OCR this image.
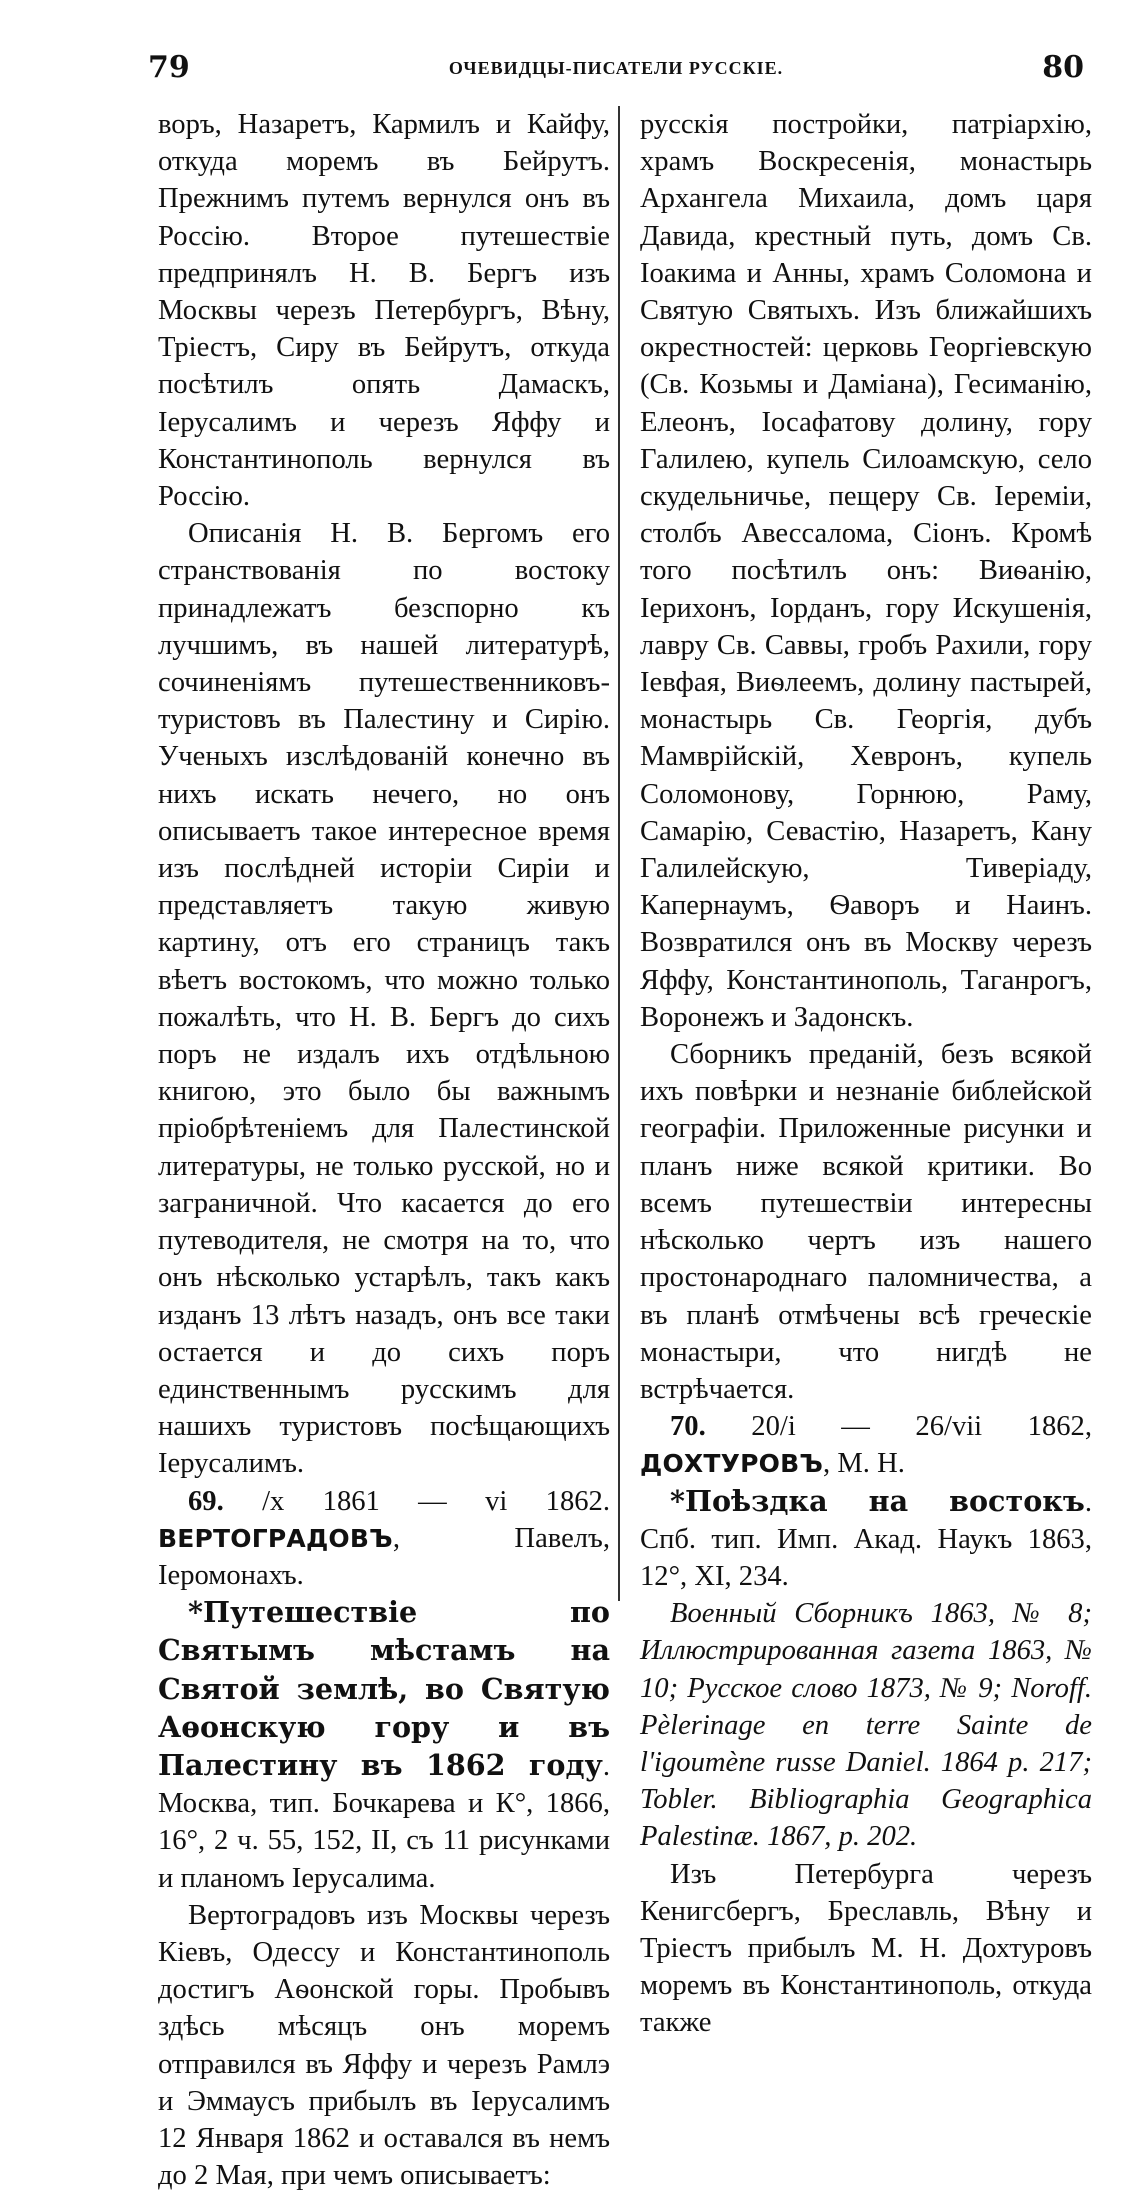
79	ОЧЕВИДЦЫ-ПИСАТЕЛИ РУССКІЕ.	80

воръ, Назаретъ, Кармилъ и Кайфу, откуда моремъ въ Бейрутъ. Прежнимъ путемъ вернулся онъ въ Россію. Второе путешествіе предпринялъ Н. В. Бергъ изъ Москвы черезъ Петербургъ, Вѣну, Тріестъ, Сиру въ Бейрутъ, откуда посѣтилъ опять Дамаскъ, Іерусалимъ и черезъ Яффу и Константинополь вернулся въ Россію.

Описанія Н. В. Бергомъ его странствованія по востоку принадлежатъ безспорно къ лучшимъ, въ нашей литературѣ, сочиненіямъ путешественниковъ-туристовъ въ Палестину и Сирію. Ученыхъ изслѣдованій конечно въ нихъ искать нечего, но онъ описываетъ такое интересное время изъ послѣдней исторіи Сиріи и представляетъ такую живую картину, отъ его страницъ такъ вѣетъ востокомъ, что можно только пожалѣть, что Н. В. Бергъ до сихъ поръ не издалъ ихъ отдѣльною книгою, это было бы важнымъ пріобрѣтеніемъ для Палестинской литературы, не только русской, но и заграничной. Что касается до его путеводителя, не смотря на то, что онъ нѣсколько устарѣлъ, такъ какъ изданъ 13 лѣтъ назадъ, онъ все таки остается и до сихъ поръ единственнымъ русскимъ для нашихъ туристовъ посѣщающихъ Іерусалимъ.

69. /x 1861 — vi 1862. ВЕРТОГРАДОВЪ, Павелъ, Іеромонахъ.

*Путешествіе по Святымъ мѣстамъ на Святой землѣ, во Святую Аѳонскую гору и въ Палестину въ 1862 году. Москва, тип. Бочкарева и К°, 1866, 16°, 2 ч. 55, 152, II, съ 11 рисунками и планомъ Іерусалима.

Вертоградовъ изъ Москвы черезъ Кіевъ, Одессу и Константинополь достигъ Аѳонской горы. Пробывъ здѣсь мѣсяцъ онъ моремъ отправился въ Яффу и черезъ Рамлэ и Эммаусъ прибылъ въ Іерусалимъ 12 Января 1862 и оставался въ немъ до 2 Мая, при чемъ описываетъ:

русскія постройки, патріархію, храмъ Воскресенія, монастырь Архангела Михаила, домъ царя Давида, крестный путь, домъ Св. Іоакима и Анны, храмъ Соломона и Святую Святыхъ. Изъ ближайшихъ окрестностей: церковь Георгіевскую (Св. Козьмы и Даміана), Гесиманію, Елеонъ, Іосафатову долину, гору Галилею, купель Силоамскую, село скудельничье, пещеру Св. Іереміи, столбъ Авессалома, Сіонъ. Кромѣ того посѣтилъ онъ: Виѳанію, Іерихонъ, Іорданъ, гору Искушенія, лавру Св. Саввы, гробъ Рахили, гору Іевфая, Виѳлеемъ, долину пастырей, монастырь Св. Георгія, дубъ Мамврійскій, Хевронъ, купель Соломонову, Горнюю, Раму, Самарію, Севастію, Назаретъ, Кану Галилейскую, Тиверіаду, Капернаумъ, Ѳаворъ и Наинъ. Возвратился онъ въ Москву черезъ Яффу, Константинополь, Таганрогъ, Воронежъ и Задонскъ.

Сборникъ преданій, безъ всякой ихъ повѣрки и незнаніе библейской географіи. Приложенные рисунки и планъ ниже всякой критики. Во всемъ путешествіи интересны нѣсколько чертъ изъ нашего простонароднаго паломничества, а въ планѣ отмѣчены всѣ греческіе монастыри, что нигдѣ не встрѣчается.

70. 20/i — 26/vii 1862, ДОХТУРОВЪ, М. Н.

*Поѣздка на востокъ. Спб. тип. Имп. Акад. Наукъ 1863, 12°, XI, 234.

Военный Сборникъ 1863, № 8; Иллюстрированная газета 1863, № 10; Русское слово 1873, № 9; Noroff. Pèlerinage en terre Sainte de l'igoumène russe Daniel. 1864 p. 217; Tobler. Bibliographia Geographica Palestinæ. 1867, p. 202.

Изъ Петербурга черезъ Кенигсбергъ, Бреславль, Вѣну и Тріестъ прибылъ М. Н. Дохтуровъ моремъ въ Константинополь, откуда также
